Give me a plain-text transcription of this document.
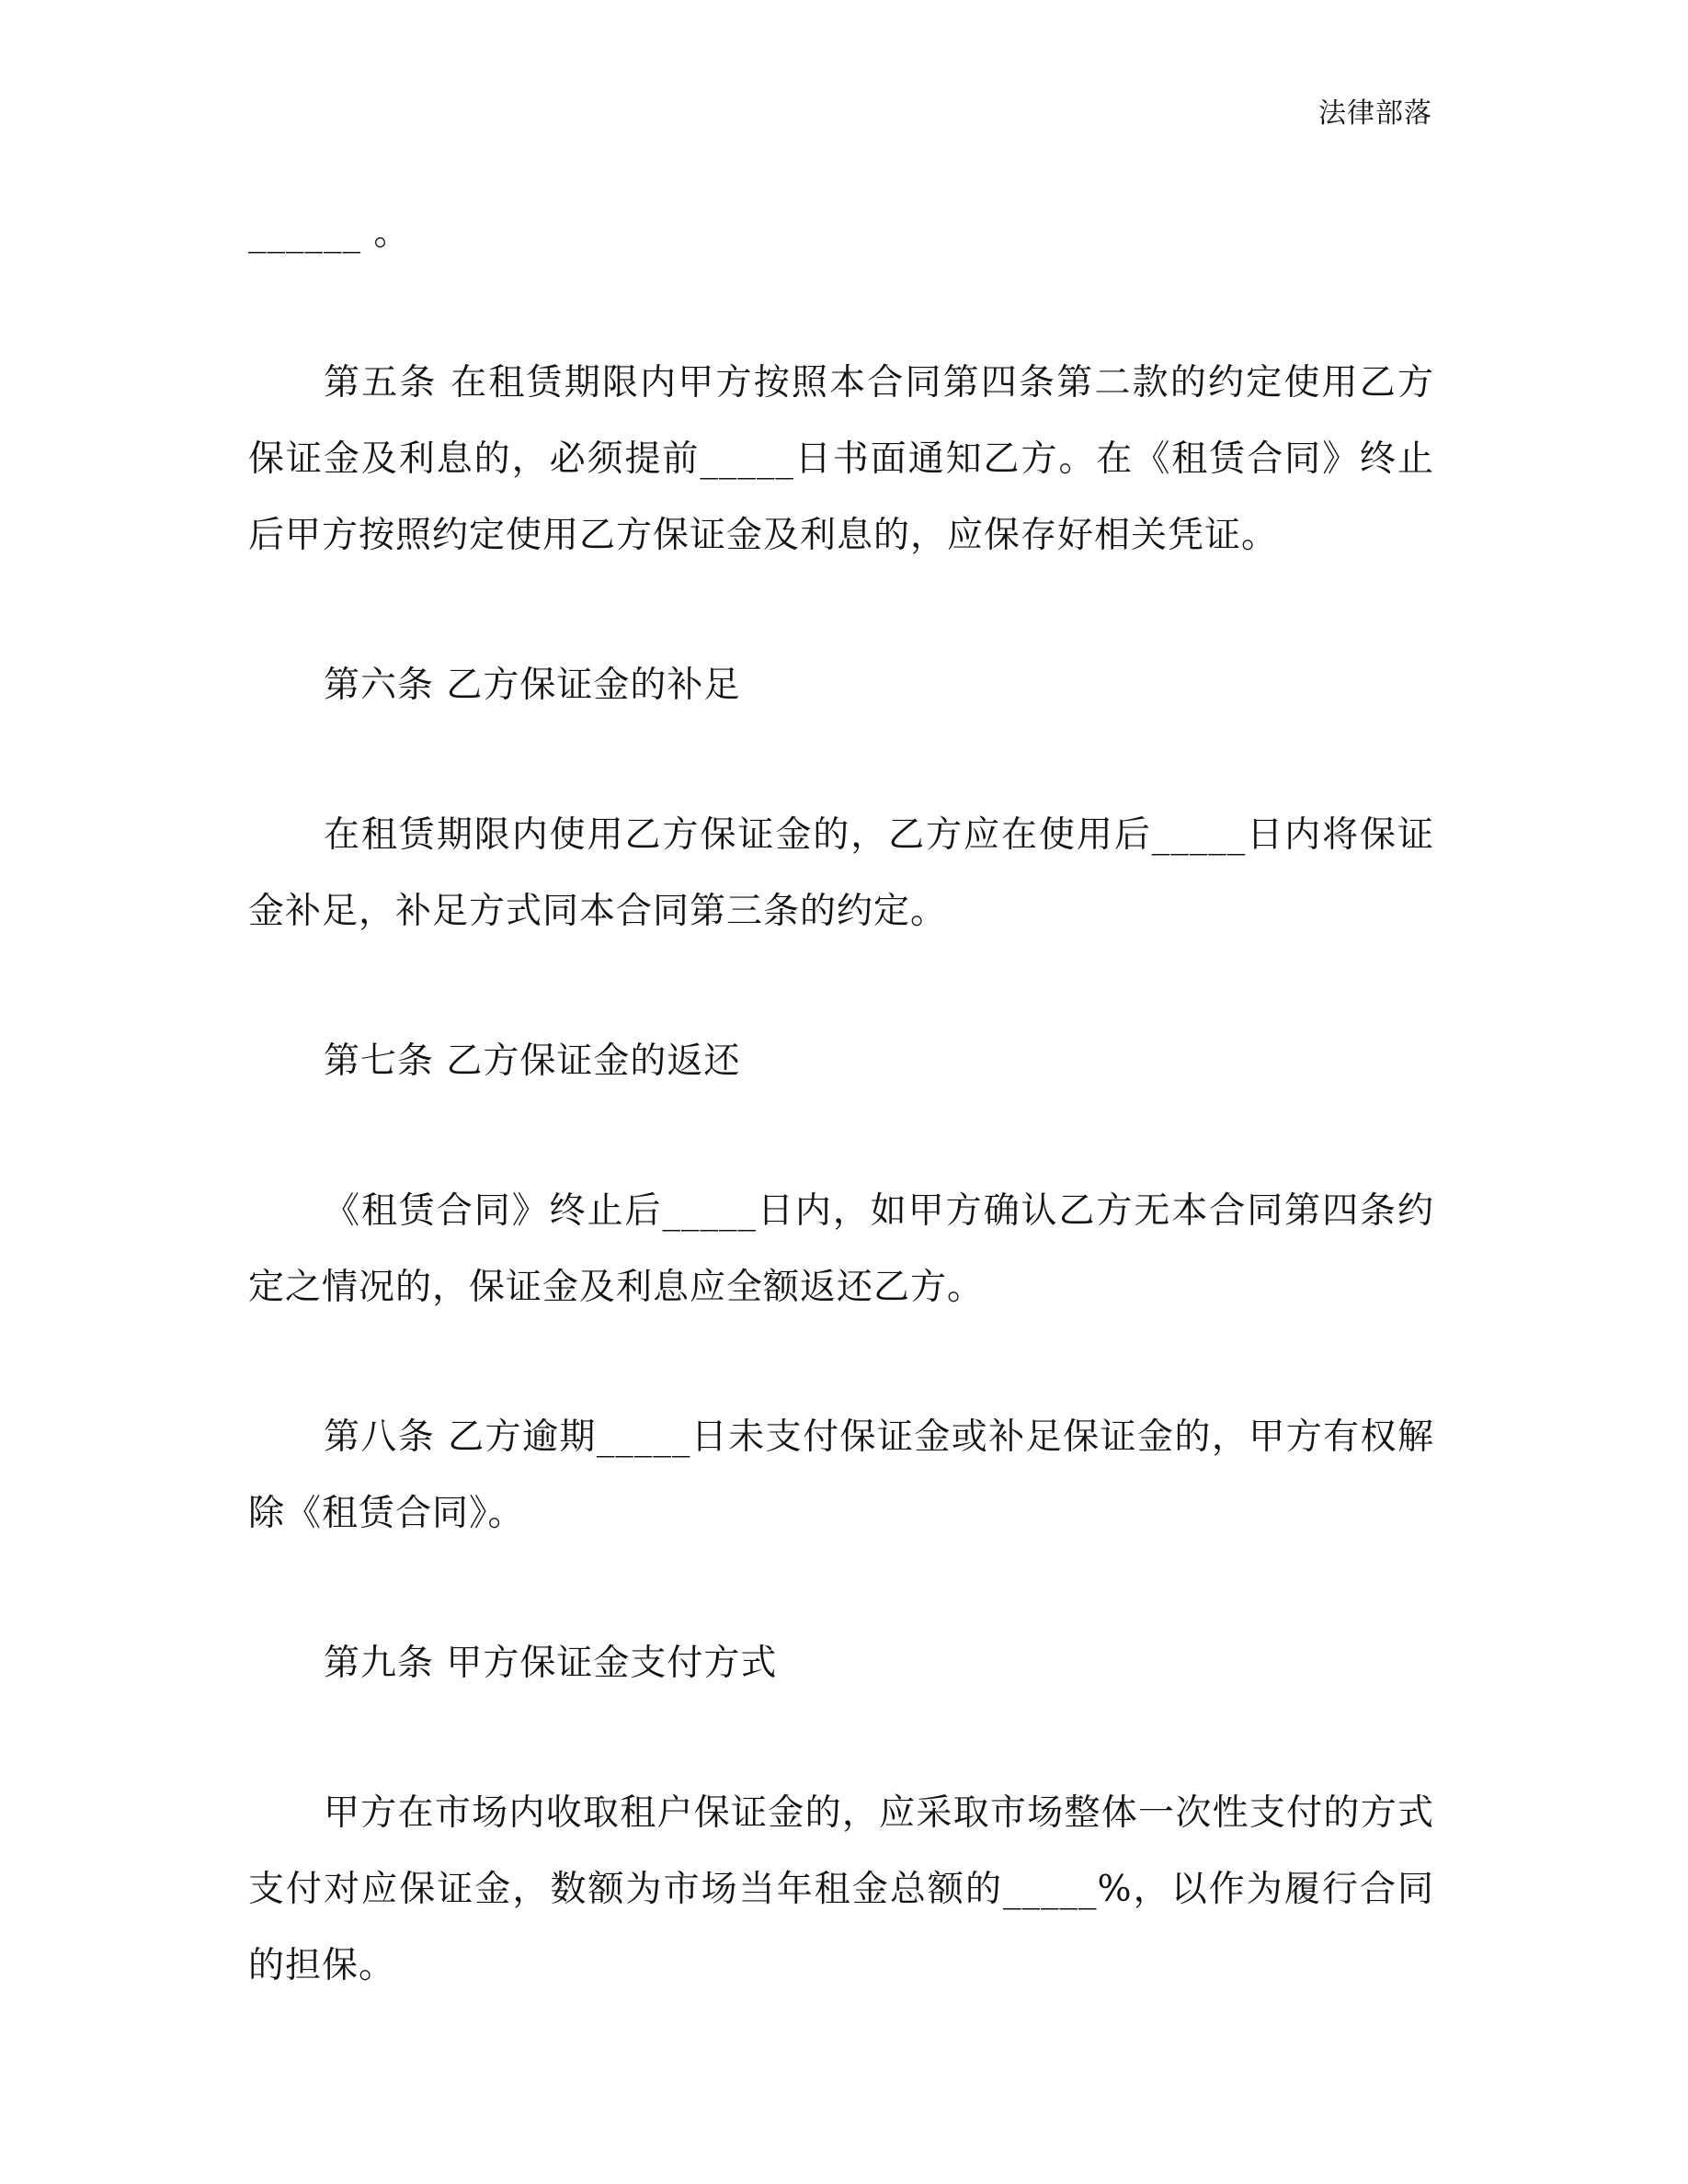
法律部落

______ 。

第五条 在租赁期限内甲方按照本合同第四条第二款的约定使用乙方保证金及利息的，必须提前_____日书面通知乙方。在《租赁合同》终止后甲方按照约定使用乙方保证金及利息的，应保存好相关凭证。

第六条 乙方保证金的补足

在租赁期限内使用乙方保证金的，乙方应在使用后_____日内将保证金补足，补足方式同本合同第三条的约定。

第七条 乙方保证金的返还

《租赁合同》终止后_____日内，如甲方确认乙方无本合同第四条约定之情况的，保证金及利息应全额返还乙方。

第八条 乙方逾期_____日未支付保证金或补足保证金的，甲方有权解除《租赁合同》。

第九条 甲方保证金支付方式

甲方在市场内收取租户保证金的，应采取市场整体一次性支付的方式支付对应保证金，数额为市场当年租金总额的_____%，以作为履行合同的担保。
